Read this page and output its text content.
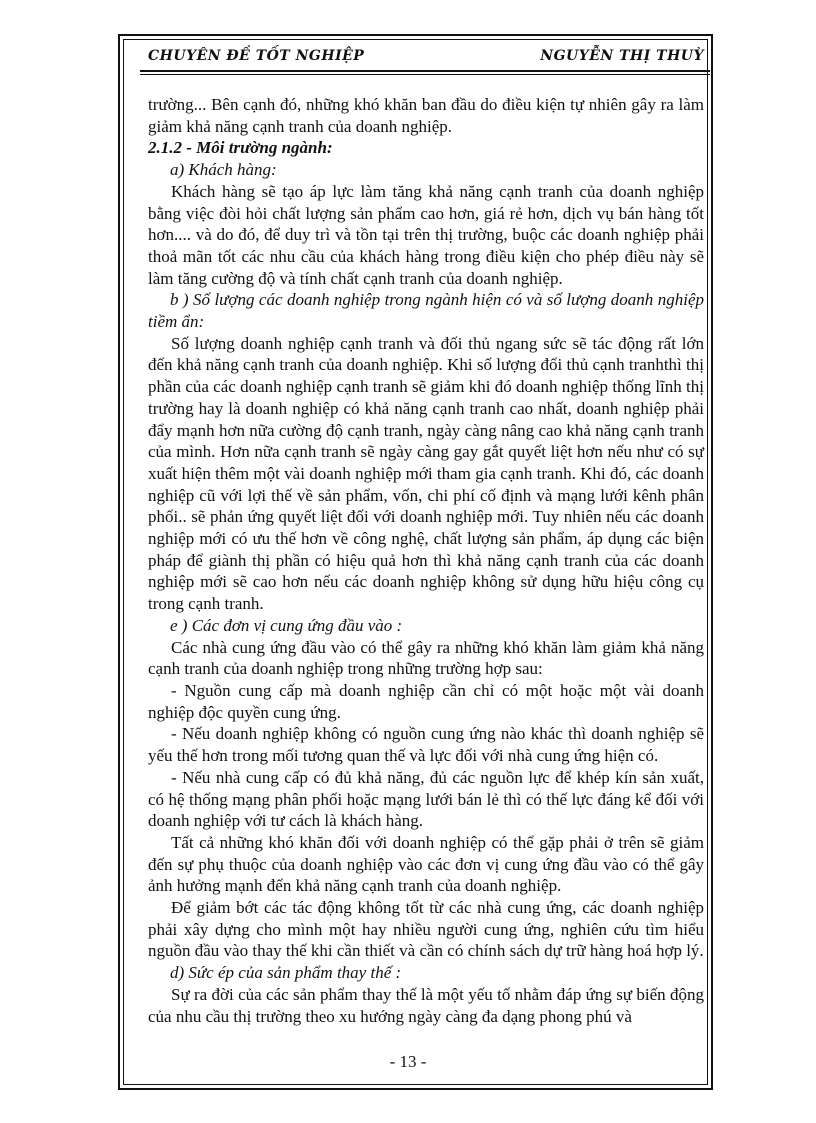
CHUYÊN ĐỀ TỐT NGHIỆP	NGUYỄN THỊ THUỲ

trường... Bên cạnh đó, những khó khăn ban đầu do điều kiện tự nhiên gây ra làm giảm khả năng cạnh tranh của doanh nghiệp.

2.1.2 - Môi trường ngành:

a) Khách hàng:

Khách hàng sẽ tạo áp lực làm tăng khả năng cạnh tranh của doanh nghiệp bằng việc đòi hỏi chất lượng sản phẩm cao hơn, giá rẻ hơn, dịch vụ bán hàng tốt hơn.... và do đó, để duy trì và tồn tại trên thị trường, buộc các doanh nghiệp phải thoả mãn tốt các nhu cầu của khách hàng trong điều kiện cho phép điều này sẽ làm tăng cường độ và tính chất cạnh tranh của doanh nghiệp.

b ) Số lượng các doanh nghiệp trong ngành hiện có và số lượng doanh nghiệp tiềm ẩn:

Số lượng doanh nghiệp cạnh tranh và đối thủ ngang sức sẽ tác động rất lớn đến khả năng cạnh tranh của doanh nghiệp. Khi số lượng đối thủ cạnh tranhthì thị phần của các doanh nghiệp cạnh tranh sẽ giảm khi đó doanh nghiệp thống lĩnh thị trường hay là doanh nghiệp có khả năng cạnh tranh cao nhất, doanh nghiệp phải đẩy mạnh hơn nữa cường độ cạnh tranh, ngày càng nâng cao khả năng cạnh tranh của mình. Hơn nữa cạnh tranh sẽ ngày càng gay gắt quyết liệt hơn nếu như có sự xuất hiện thêm một vài doanh nghiệp mới tham gia cạnh tranh. Khi đó, các doanh nghiệp cũ với lợi thế về sản phẩm, vốn, chi phí cố định và mạng lưới kênh phân phối.. sẽ phản ứng quyết liệt đối với doanh nghiệp mới. Tuy nhiên nếu các doanh nghiệp mới có ưu thế hơn về công nghệ, chất lượng sản phẩm, áp dụng các biện pháp để giành thị phần có hiệu quả hơn thì khả năng cạnh tranh của các doanh nghiệp mới sẽ cao hơn nếu các doanh nghiệp không sử dụng hữu hiệu công cụ trong cạnh tranh.

e ) Các đơn vị cung ứng đầu vào :

Các nhà cung ứng đầu vào có thể gây ra những khó khăn làm giảm khả năng cạnh tranh của doanh nghiệp trong những trường hợp sau:

- Nguồn cung cấp mà doanh nghiệp cần chỉ có một hoặc một vài doanh nghiệp độc quyền cung ứng.

- Nếu doanh nghiệp không có nguồn cung ứng nào khác thì doanh nghiệp sẽ yếu thế hơn trong mối tương quan thế và lực đối với nhà cung ứng hiện có.

- Nếu nhà cung cấp có đủ khả năng, đủ các nguồn lực để khép kín sản xuất, có hệ thống mạng phân phối hoặc mạng lưới bán lẻ thì có thế lực đáng kể đối với doanh nghiệp với tư cách là khách hàng.

Tất cả những khó khăn đối với doanh nghiệp có thể gặp phải ở trên sẽ giảm đến sự phụ thuộc của doanh nghiệp vào các đơn vị cung ứng đầu vào có thể gây ảnh hưởng mạnh đến khả năng cạnh tranh của doanh nghiệp.

Để giảm bớt các tác động không tốt từ các nhà cung ứng, các doanh nghiệp phải xây dựng cho mình một hay nhiều người cung ứng, nghiên cứu tìm hiểu nguồn đầu vào thay thế khi cần thiết và cần có chính sách dự trữ hàng hoá hợp lý.

d) Sức ép của sản phẩm thay thế :

Sự ra đời của các sản phẩm thay thế là một yếu tố nhằm đáp ứng sự biến động của nhu cầu thị trường theo xu hướng ngày càng đa dạng phong phú và

- 13 -
